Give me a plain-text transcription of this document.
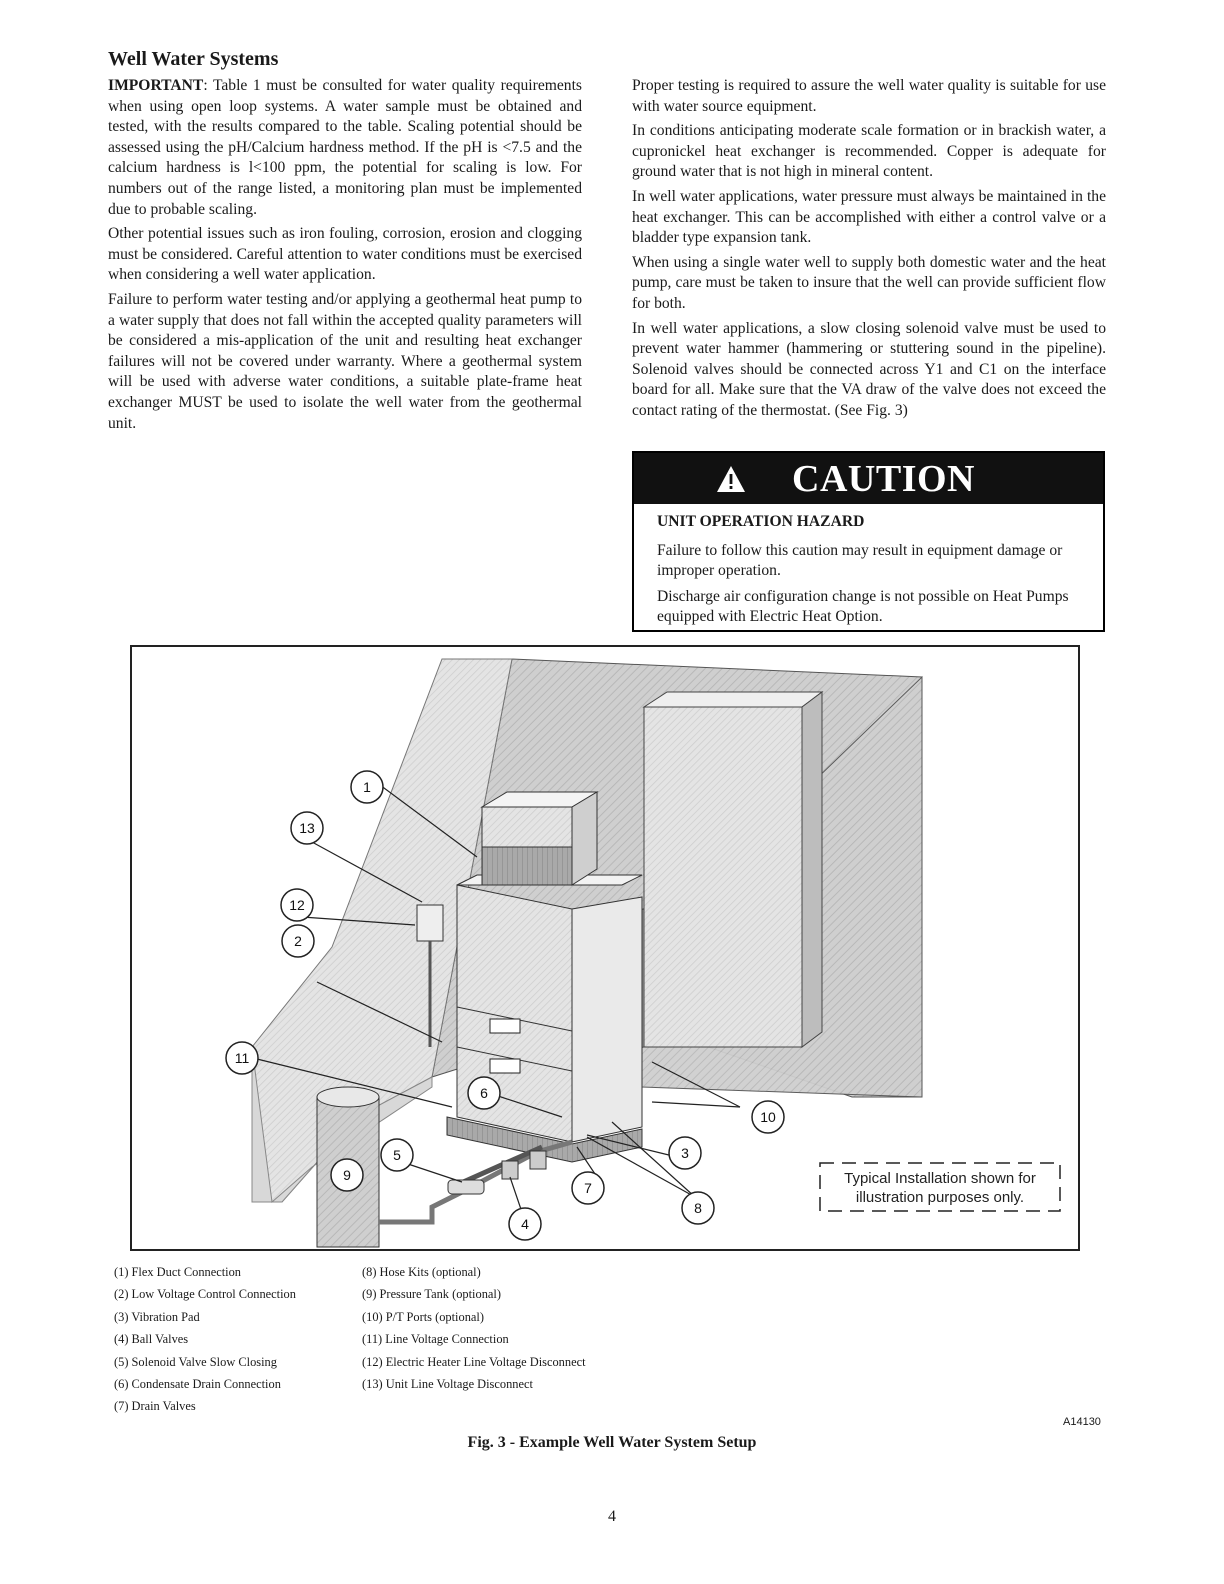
Well Water Systems

IMPORTANT: Table 1 must be consulted for water quality requirements when using open loop systems. A water sample must be obtained and tested, with the results compared to the table. Scaling potential should be assessed using the pH/Calcium hardness method. If the pH is <7.5 and the calcium hardness is l<100 ppm, the potential for scaling is low. For numbers out of the range listed, a monitoring plan must be implemented due to probable scaling.

Other potential issues such as iron fouling, corrosion, erosion and clogging must be considered. Careful attention to water conditions must be exercised when considering a well water application.

Failure to perform water testing and/or applying a geothermal heat pump to a water supply that does not fall within the accepted quality parameters will be considered a mis-application of the unit and resulting heat exchanger failures will not be covered under warranty. Where a geothermal system will be used with adverse water conditions, a suitable plate-frame heat exchanger MUST be used to isolate the well water from the geothermal unit.

Proper testing is required to assure the well water quality is suitable for use with water source equipment.

In conditions anticipating moderate scale formation or in brackish water, a cupronickel heat exchanger is recommended. Copper is adequate for ground water that is not high in mineral content.

In well water applications, water pressure must always be maintained in the heat exchanger. This can be accomplished with either a control valve or a bladder type expansion tank.

When using a single water well to supply both domestic water and the heat pump, care must be taken to insure that the well can provide sufficient flow for both.

In well water applications, a slow closing solenoid valve must be used to prevent water hammer (hammering or stuttering sound in the pipeline). Solenoid valves should be connected across Y1 and C1 on the interface board for all. Make sure that the VA draw of the valve does not exceed the contact rating of the thermostat. (See Fig. 3)

CAUTION

UNIT OPERATION HAZARD

Failure to follow this caution may result in equipment damage or improper operation.

Discharge air configuration change is not possible on Heat Pumps equipped with Electric Heat Option.

1
2
3
4
5
6
7
8
9
10
11
12
13
Typical Installation shown for
illustration purposes only.
(1) Flex Duct Connection
(2) Low Voltage Control Connection
(3) Vibration Pad
(4) Ball Valves
(5) Solenoid Valve Slow Closing
(6) Condensate Drain Connection
(7) Drain Valves
(8) Hose Kits (optional)
(9) Pressure Tank (optional)
(10) P/T Ports (optional)
(11) Line Voltage Connection
(12) Electric Heater Line Voltage Disconnect
(13) Unit Line Voltage Disconnect
A14130
Fig. 3 - Example Well Water System Setup
4
